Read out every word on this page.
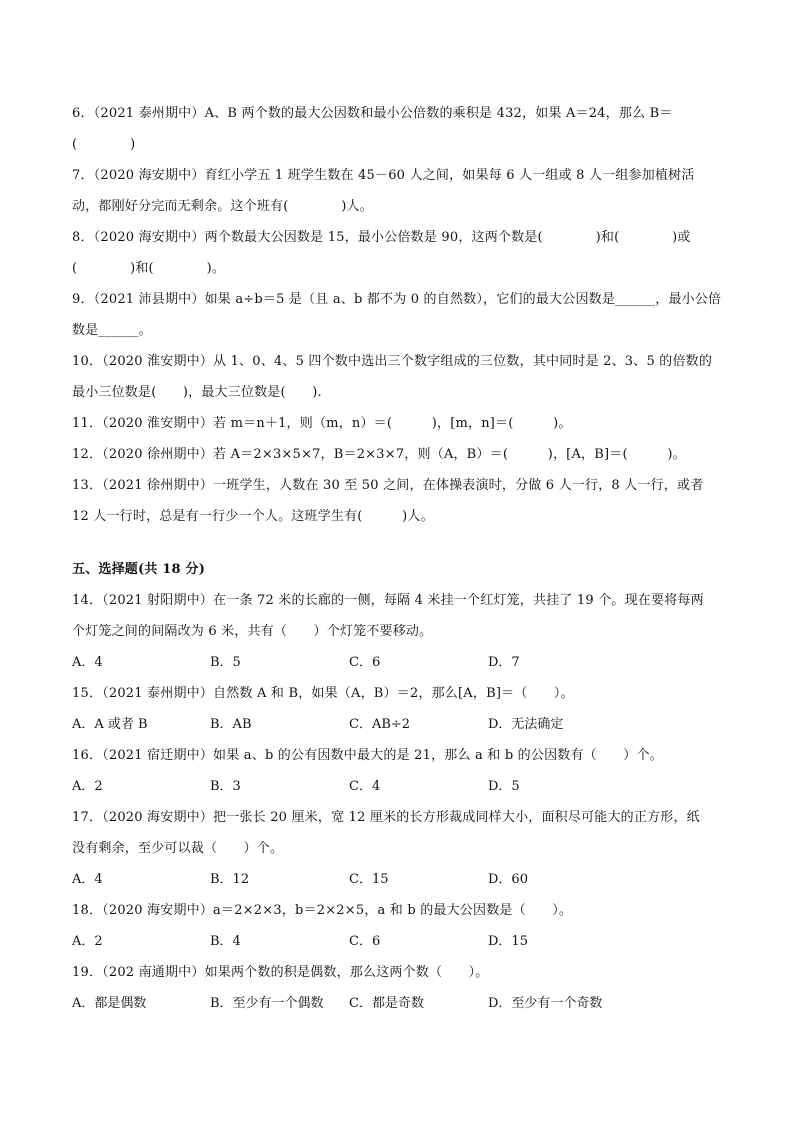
6．（2021 泰州期中）A、B 两个数的最大公因数和最小公倍数的乘积是 432，如果 A＝24，那么 B＝
(　　　　)
7．（2020 海安期中）育红小学五 1 班学生数在 45－60 人之间，如果每 6 人一组或 8 人一组参加植树活
动，都刚好分完而无剩余。这个班有(　　　　)人。
8．（2020 海安期中）两个数最大公因数是 15，最小公倍数是 90，这两个数是(　　　　)和(　　　　)或
(　　　　)和(　　　　)。
9．（2021 沛县期中）如果 a÷b＝5 是（且 a、b 都不为 0 的自然数），它们的最大公因数是______，最小公倍
数是______。
10．（2020 淮安期中）从 1、0、4、5 四个数中选出三个数字组成的三位数，其中同时是 2、3、5 的倍数的
最小三位数是(　　)，最大三位数是(　　).
11．（2020 淮安期中）若 m＝n＋1，则（m，n）＝(　　　)，[m，n]＝(　　　)。
12．（2020 徐州期中）若 A＝2×3×5×7，B＝2×3×7，则（A，B）＝(　　　)，[A，B]＝(　　　)。
13．（2021 徐州期中）一班学生，人数在 30 至 50 之间，在体操表演时，分做 6 人一行，8 人一行，或者
12 人一行时，总是有一行少一个人。这班学生有(　　　)人。
五、选择题(共 18 分)
14．（2021 射阳期中）在一条 72 米的长廊的一侧，每隔 4 米挂一个红灯笼，共挂了 19 个。现在要将每两
个灯笼之间的间隔改为 6 米，共有（　　）个灯笼不要移动。
A．4	B．5	C．6	D．7
15．（2021 泰州期中）自然数 A 和 B，如果（A，B）＝2，那么[A，B]＝（　　）。
A．A 或者 B	B．AB	C．AB÷2	D．无法确定
16．（2021 宿迁期中）如果 a、b 的公有因数中最大的是 21，那么 a 和 b 的公因数有（　　）个。
A．2	B．3	C．4	D．5
17．（2020 海安期中）把一张长 20 厘米，宽 12 厘米的长方形裁成同样大小，面积尽可能大的正方形，纸
没有剩余，至少可以裁（　　）个。
A．4	B．12	C．15	D．60
18．（2020 海安期中）a＝2×2×3，b＝2×2×5，a 和 b 的最大公因数是（　　）。
A．2	B．4	C．6	D．15
19．（202 南通期中）如果两个数的积是偶数，那么这两个数（　　）。
A．都是偶数	B．至少有一个偶数	C．都是奇数	D．至少有一个奇数
